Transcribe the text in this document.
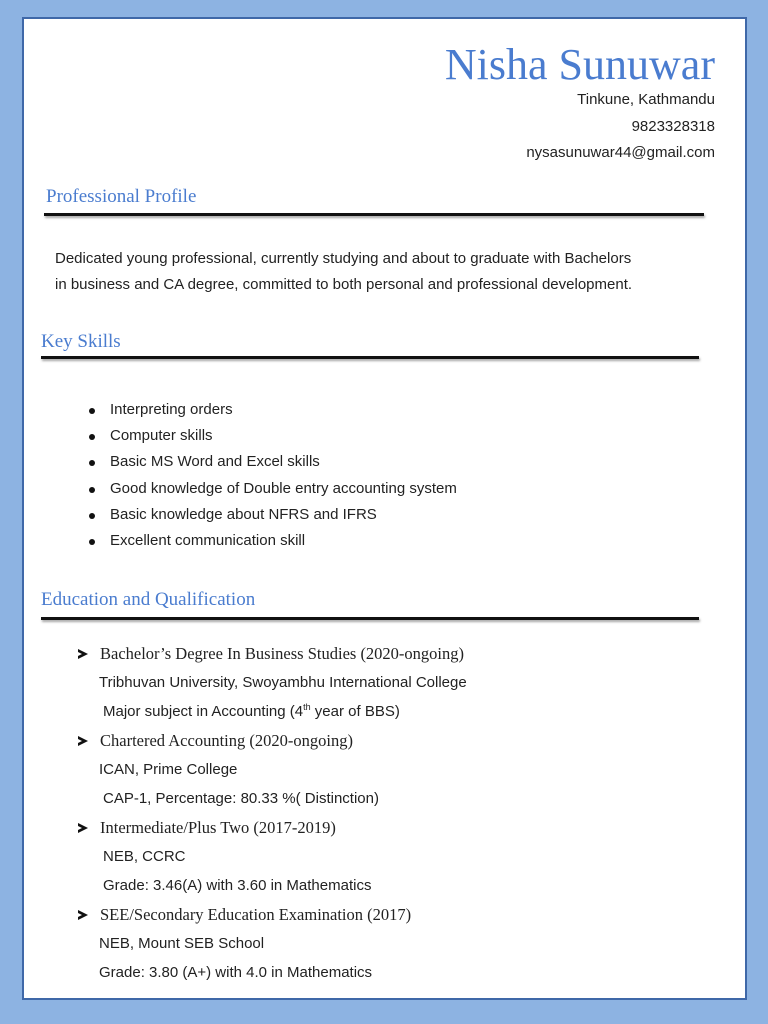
Nisha Sunuwar
Tinkune, Kathmandu
9823328318
nysasunuwar44@gmail.com
Professional Profile
Dedicated young professional, currently studying and about to graduate with Bachelors
in business and CA degree, committed to both personal and professional development.
Key Skills
Interpreting orders
Computer skills
Basic MS Word and Excel skills
Good knowledge of Double entry accounting system
Basic knowledge about NFRS and IFRS
Excellent communication skill
Education and Qualification
Bachelor’s Degree In Business Studies (2020-ongoing)
Tribhuvan University, Swoyambhu International College
Major subject in Accounting (4th year of BBS)
Chartered Accounting (2020-ongoing)
ICAN, Prime College
CAP-1, Percentage: 80.33 %( Distinction)
Intermediate/Plus Two (2017-2019)
NEB, CCRC
Grade: 3.46(A) with 3.60 in Mathematics
SEE/Secondary Education Examination (2017)
NEB, Mount SEB School
Grade: 3.80 (A+) with 4.0 in Mathematics
